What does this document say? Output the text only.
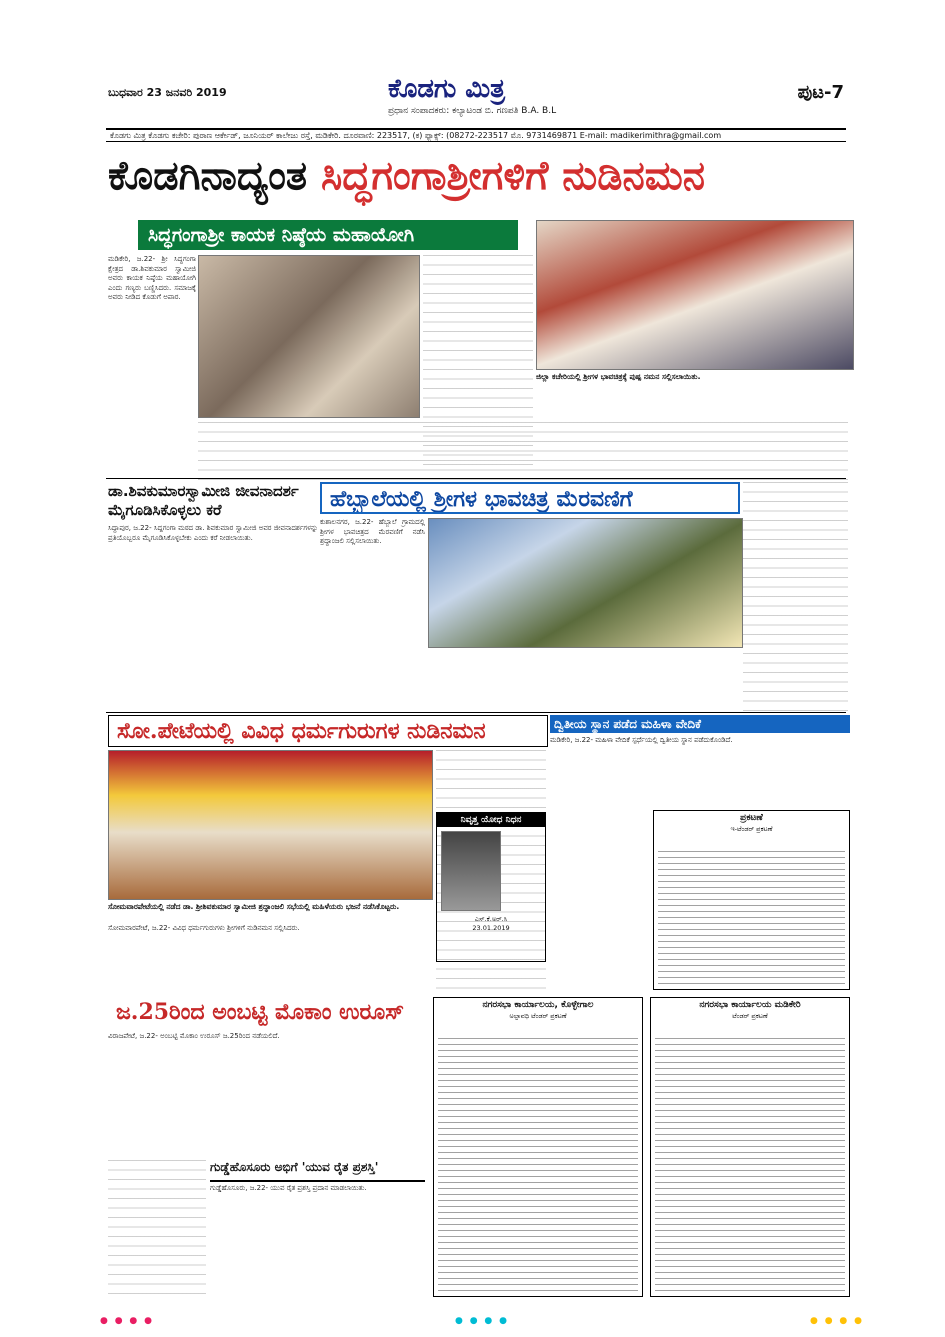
ಬುಧವಾರ 23 ಜನವರಿ 2019	ಕೊಡಗು ಮಿತ್ರ
ಪ್ರಧಾನ ಸಂಪಾದಕರು: ಕಲ್ಯಾಟಂಡ ಬಿ. ಗಣಪತಿ B.A. B.L
ಪುಟ-7
ಕೊಡಗು ಮಿತ್ರ ಕೊಡಗು ಕಚೇರಿ: ಪುರಾಣ ಆರ್ಕೇಡ್, ಜೂನಿಯರ್ ಕಾಲೇಜು ರಸ್ತೆ, ಮಡಿಕೇರಿ. ದೂರವಾಣಿ: 223517, (ಕ) ಫ್ಯಾಕ್ಸ್: (08272-223517 ಮೊ. 9731469871 E-mail: madikerimithra@gmail.com
ಕೊಡಗಿನಾದ್ಯಂತ ಸಿದ್ಧಗಂಗಾಶ್ರೀಗಳಿಗೆ ನುಡಿನಮನ
ಸಿದ್ಧಗಂಗಾಶ್ರೀ ಕಾಯಕ ನಿಷ್ಠೆಯ ಮಹಾಯೋಗಿ
ಜಿಲ್ಲಾ ಕಚೇರಿಯಲ್ಲಿ ಶ್ರೀಗಳ ಭಾವಚಿತ್ರಕ್ಕೆ ಪುಷ್ಪ ನಮನ ಸಲ್ಲಿಸಲಾಯಿತು.
ಮಡಿಕೇರಿ, ಜ.22- ಶ್ರೀ ಸಿದ್ಧಗಂಗಾ ಕ್ಷೇತ್ರದ ಡಾ.ಶಿವಕುಮಾರ ಸ್ವಾಮೀಜಿ ಅವರು ಕಾಯಕ ನಿಷ್ಠೆಯ ಮಹಾಯೋಗಿ ಎಂದು ಗಣ್ಯರು ಬಣ್ಣಿಸಿದರು. ಸಮಾಜಕ್ಕೆ ಅವರು ನೀಡಿದ ಕೊಡುಗೆ ಅಪಾರ.
ಡಾ.ಶಿವಕುಮಾರಸ್ವಾಮೀಜಿ ಜೀವನಾದರ್ಶ ಮೈಗೂಡಿಸಿಕೊಳ್ಳಲು ಕರೆ
ಸಿದ್ದಾಪುರ, ಜ.22- ಸಿದ್ದಗಂಗಾ ಮಠದ ಡಾ. ಶಿವಕುಮಾರ ಸ್ವಾಮೀಜಿ ಅವರ ಜೀವನಾದರ್ಶಗಳನ್ನು ಪ್ರತಿಯೊಬ್ಬರೂ ಮೈಗೂಡಿಸಿಕೊಳ್ಳಬೇಕು ಎಂದು ಕರೆ ನೀಡಲಾಯಿತು.
ಹೆಬ್ಬಾಲೆಯಲ್ಲಿ ಶ್ರೀಗಳ ಭಾವಚಿತ್ರ ಮೆರವಣಿಗೆ
ಕುಶಾಲನಗರ, ಜ.22- ಹೆಬ್ಬಾಲೆ ಗ್ರಾಮದಲ್ಲಿ ಶ್ರೀಗಳ ಭಾವಚಿತ್ರದ ಮೆರವಣಿಗೆ ನಡೆಸಿ ಶ್ರದ್ಧಾಂಜಲಿ ಸಲ್ಲಿಸಲಾಯಿತು.
ಸೋ.ಪೇಟೆಯಲ್ಲಿ ವಿವಿಧ ಧರ್ಮಗುರುಗಳ ನುಡಿನಮನ
ಸೋಮವಾರಪೇಟೆಯಲ್ಲಿ ನಡೆದ ಡಾ. ಶ್ರೀಶಿವಕುಮಾರ ಸ್ವಾಮೀಜಿ ಶ್ರದ್ಧಾಂಜಲಿ ಸಭೆಯಲ್ಲಿ ಮಹಿಳೆಯರು ಭಜನೆ ನಡೆಸಿಕೊಟ್ಟರು.
ಸೋಮವಾರಪೇಟೆ, ಜ.22- ವಿವಿಧ ಧರ್ಮಗುರುಗಳು ಶ್ರೀಗಳಿಗೆ ನುಡಿನಮನ ಸಲ್ಲಿಸಿದರು.
ನಿವೃತ್ತ ಯೋಧ ನಿಧನ
ಎಸ್.ಕೆ.ಅರ್.ಸಿ
23.01.2019
ದ್ವಿತೀಯ ಸ್ಥಾನ ಪಡೆದ ಮಹಿಳಾ ವೇದಿಕೆ
ಮಡಿಕೇರಿ, ಜ.22- ಮಹಿಳಾ ವೇದಿಕೆ ಸ್ಪರ್ಧೆಯಲ್ಲಿ ದ್ವಿತೀಯ ಸ್ಥಾನ ಪಡೆದುಕೊಂಡಿದೆ.
ಪ್ರಕಟಣೆ
ಇ-ಟೆಂಡರ್ ಪ್ರಕಟಣೆ
ಜ.25ರಿಂದ ಅಂಬಟ್ಟಿ ಮೊಕಾಂ ಉರೂಸ್
ವಿರಾಜಪೇಟೆ, ಜ.22- ಅಂಬಟ್ಟಿ ಮೊಕಾಂ ಉರೂಸ್ ಜ.25ರಿಂದ ನಡೆಯಲಿದೆ.
ಗುಡ್ಡೆಹೊಸೂರು ಅಭಿಗೆ 'ಯುವ ರೈತ ಪ್ರಶಸ್ತಿ'
ಗುಡ್ಡೆಹೊಸೂರು, ಜ.22- ಯುವ ರೈತ ಪ್ರಶಸ್ತಿ ಪ್ರದಾನ ಮಾಡಲಾಯಿತು.
ನಗರಸಭಾ ಕಾರ್ಯಾಲಯ, ಕೊಳ್ಳೇಗಾಲ
ಅಲ್ಪಾವಧಿ ಟೆಂಡರ್ ಪ್ರಕಟಣೆ
ನಗರಸಭಾ ಕಾರ್ಯಾಲಯ ಮಡಿಕೇರಿ
ಟೆಂಡರ್ ಪ್ರಕಟಣೆ
● ● ● ●	● ● ● ●	● ● ● ●
